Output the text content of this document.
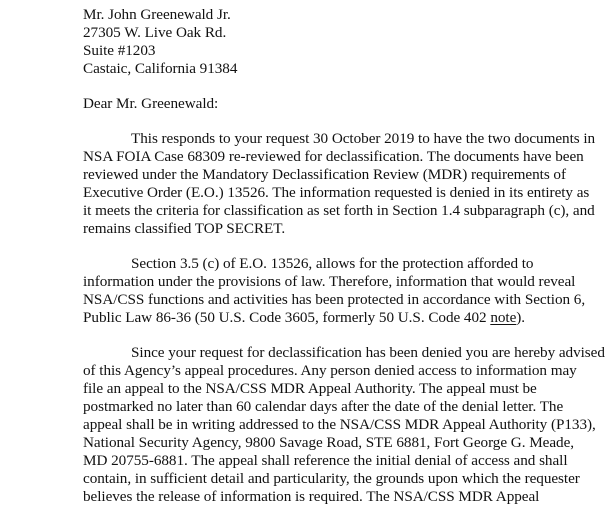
Mr. John Greenewald Jr.
27305 W. Live Oak Rd.
Suite #1203
Castaic, California 91384
Dear Mr. Greenewald:
This responds to your request 30 October 2019 to have the two documents in
NSA FOIA Case 68309 re-reviewed for declassification. The documents have been
reviewed under the Mandatory Declassification Review (MDR) requirements of
Executive Order (E.O.) 13526. The information requested is denied in its entirety as
it meets the criteria for classification as set forth in Section 1.4 subparagraph (c), and
remains classified TOP SECRET.
Section 3.5 (c) of E.O. 13526, allows for the protection afforded to
information under the provisions of law. Therefore, information that would reveal
NSA/CSS functions and activities has been protected in accordance with Section 6,
Public Law 86-36 (50 U.S. Code 3605, formerly 50 U.S. Code 402 note).
Since your request for declassification has been denied you are hereby advised
of this Agency’s appeal procedures. Any person denied access to information may
file an appeal to the NSA/CSS MDR Appeal Authority. The appeal must be
postmarked no later than 60 calendar days after the date of the denial letter. The
appeal shall be in writing addressed to the NSA/CSS MDR Appeal Authority (P133),
National Security Agency, 9800 Savage Road, STE 6881, Fort George G. Meade,
MD 20755-6881. The appeal shall reference the initial denial of access and shall
contain, in sufficient detail and particularity, the grounds upon which the requester
believes the release of information is required. The NSA/CSS MDR Appeal
